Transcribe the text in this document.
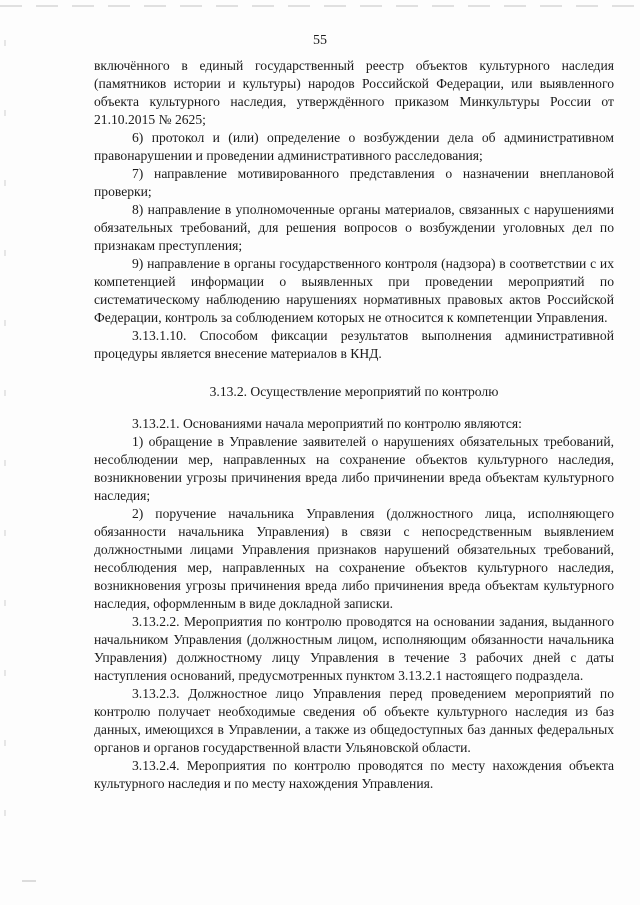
55

включённого в единый государственный реестр объектов культурного наследия (памятников истории и культуры) народов Российской Федерации, или выявленного объекта культурного наследия, утверждённого приказом Минкультуры России от 21.10.2015 № 2625;

6) протокол и (или) определение о возбуждении дела об административном правонарушении и проведении административного расследования;

7) направление мотивированного представления о назначении внеплановой проверки;

8) направление в уполномоченные органы материалов, связанных с нарушениями обязательных требований, для решения вопросов о возбуждении уголовных дел по признакам преступления;

9) направление в органы государственного контроля (надзора) в соответствии с их компетенцией информации о выявленных при проведении мероприятий по систематическому наблюдению нарушениях нормативных правовых актов Российской Федерации, контроль за соблюдением которых не относится к компетенции Управления.

3.13.1.10. Способом фиксации результатов выполнения административной процедуры является внесение материалов в КНД.

3.13.2. Осуществление мероприятий по контролю

3.13.2.1. Основаниями начала мероприятий по контролю являются:

1) обращение в Управление заявителей о нарушениях обязательных требований, несоблюдении мер, направленных на сохранение объектов культурного наследия, возникновении угрозы причинения вреда либо причинении вреда объектам культурного наследия;

2) поручение начальника Управления (должностного лица, исполняющего обязанности начальника Управления) в связи с непосредственным выявлением должностными лицами Управления признаков нарушений обязательных требований, несоблюдения мер, направленных на сохранение объектов культурного наследия, возникновения угрозы причинения вреда либо причинения вреда объектам культурного наследия, оформленным в виде докладной записки.

3.13.2.2. Мероприятия по контролю проводятся на основании задания, выданного начальником Управления (должностным лицом, исполняющим обязанности начальника Управления) должностному лицу Управления в течение 3 рабочих дней с даты наступления оснований, предусмотренных пунктом 3.13.2.1 настоящего подраздела.

3.13.2.3. Должностное лицо Управления перед проведением мероприятий по контролю получает необходимые сведения об объекте культурного наследия из баз данных, имеющихся в Управлении, а также из общедоступных баз данных федеральных органов и органов государственной власти Ульяновской области.

3.13.2.4. Мероприятия по контролю проводятся по месту нахождения объекта культурного наследия и по месту нахождения Управления.
